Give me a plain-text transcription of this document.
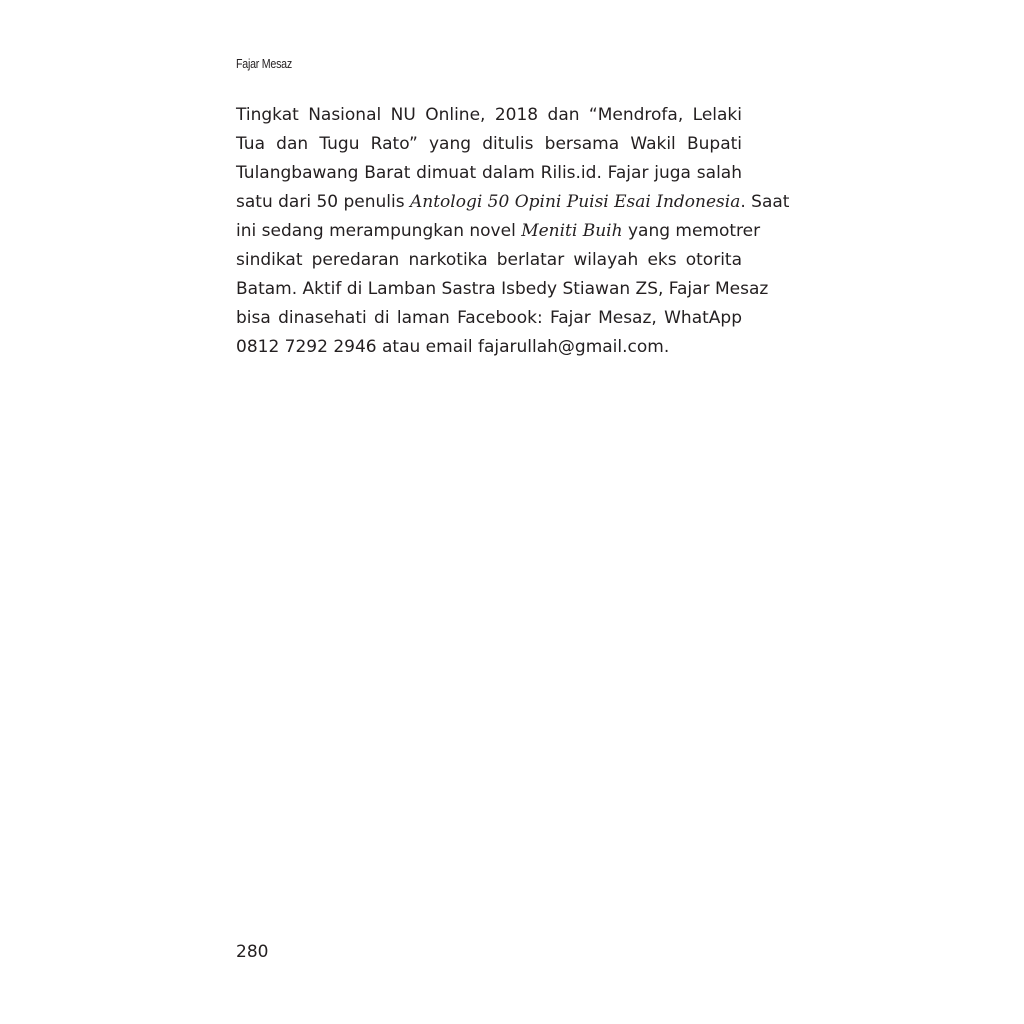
Fajar Mesaz

Tingkat Nasional NU Online, 2018 dan “Mendrofa, Lelaki
Tua dan Tugu Rato” yang ditulis bersama Wakil Bupati
Tulangbawang Barat dimuat dalam Rilis.id. Fajar juga salah
satu dari 50 penulis Antologi 50 Opini Puisi Esai Indonesia. Saat
ini sedang merampungkan novel Meniti Buih yang memotrer
sindikat peredaran narkotika berlatar wilayah eks otorita
Batam. Aktif di Lamban Sastra Isbedy Stiawan ZS, Fajar Mesaz
bisa dinasehati di laman Facebook: Fajar Mesaz, WhatApp
0812 7292 2946 atau email fajarullah@gmail.com.

280
